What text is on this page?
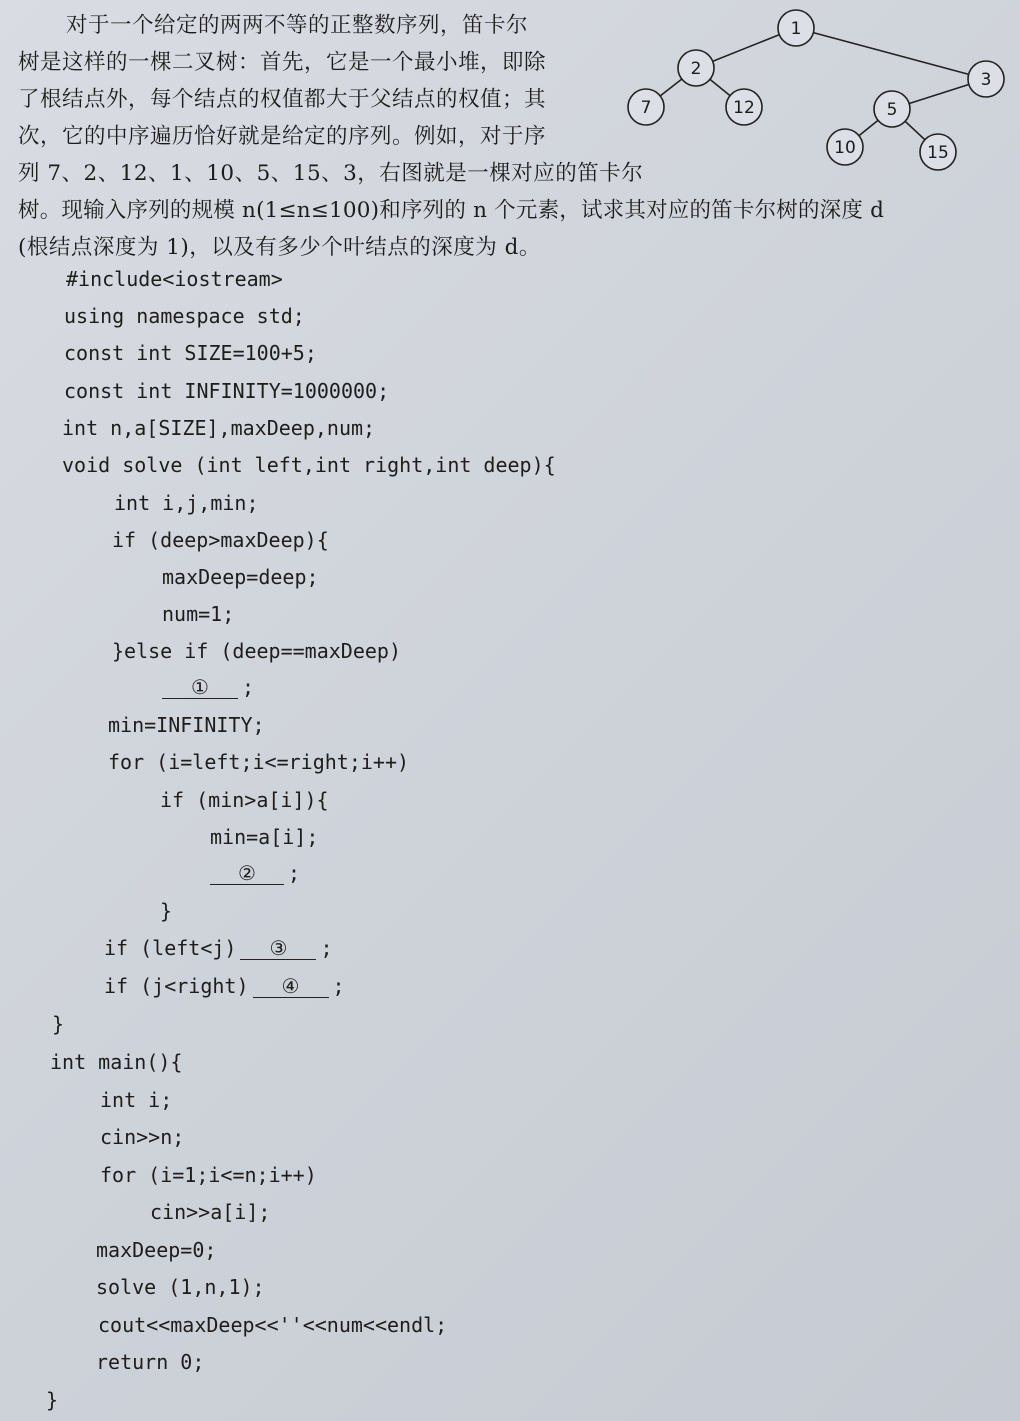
对于一个给定的两两不等的正整数序列，笛卡尔
树是这样的一棵二叉树：首先，它是一个最小堆，即除
了根结点外，每个结点的权值都大于父结点的权值；其
次，它的中序遍历恰好就是给定的序列。例如，对于序
列 7、2、12、1、10、5、15、3，右图就是一棵对应的笛卡尔
树。现输入序列的规模 n(1≤n≤100)和序列的 n 个元素，试求其对应的笛卡尔树的深度 d
(根结点深度为 1)，以及有多少个叶结点的深度为 d。
1
2
3
7	12	5
10	15
#include<iostream>
using namespace std;
const int SIZE=100+5;
const int INFINITY=1000000;
int n,a[SIZE],maxDeep,num;
void solve (int left,int right,int deep){
int i,j,min;
if (deep>maxDeep){
maxDeep=deep;
num=1;
}else if (deep==maxDeep)
① ;
min=INFINITY;
for (i=left;i<=right;i++)
if (min>a[i]){
min=a[i];
② ;
}
if (left<j) ③ ;
if (j<right) ④ ;
}
int main(){
int i;
cin>>n;
for (i=1;i<=n;i++)
cin>>a[i];
maxDeep=0;
solve (1,n,1);
cout<<maxDeep<<''<<num<<endl;
return 0;
}
